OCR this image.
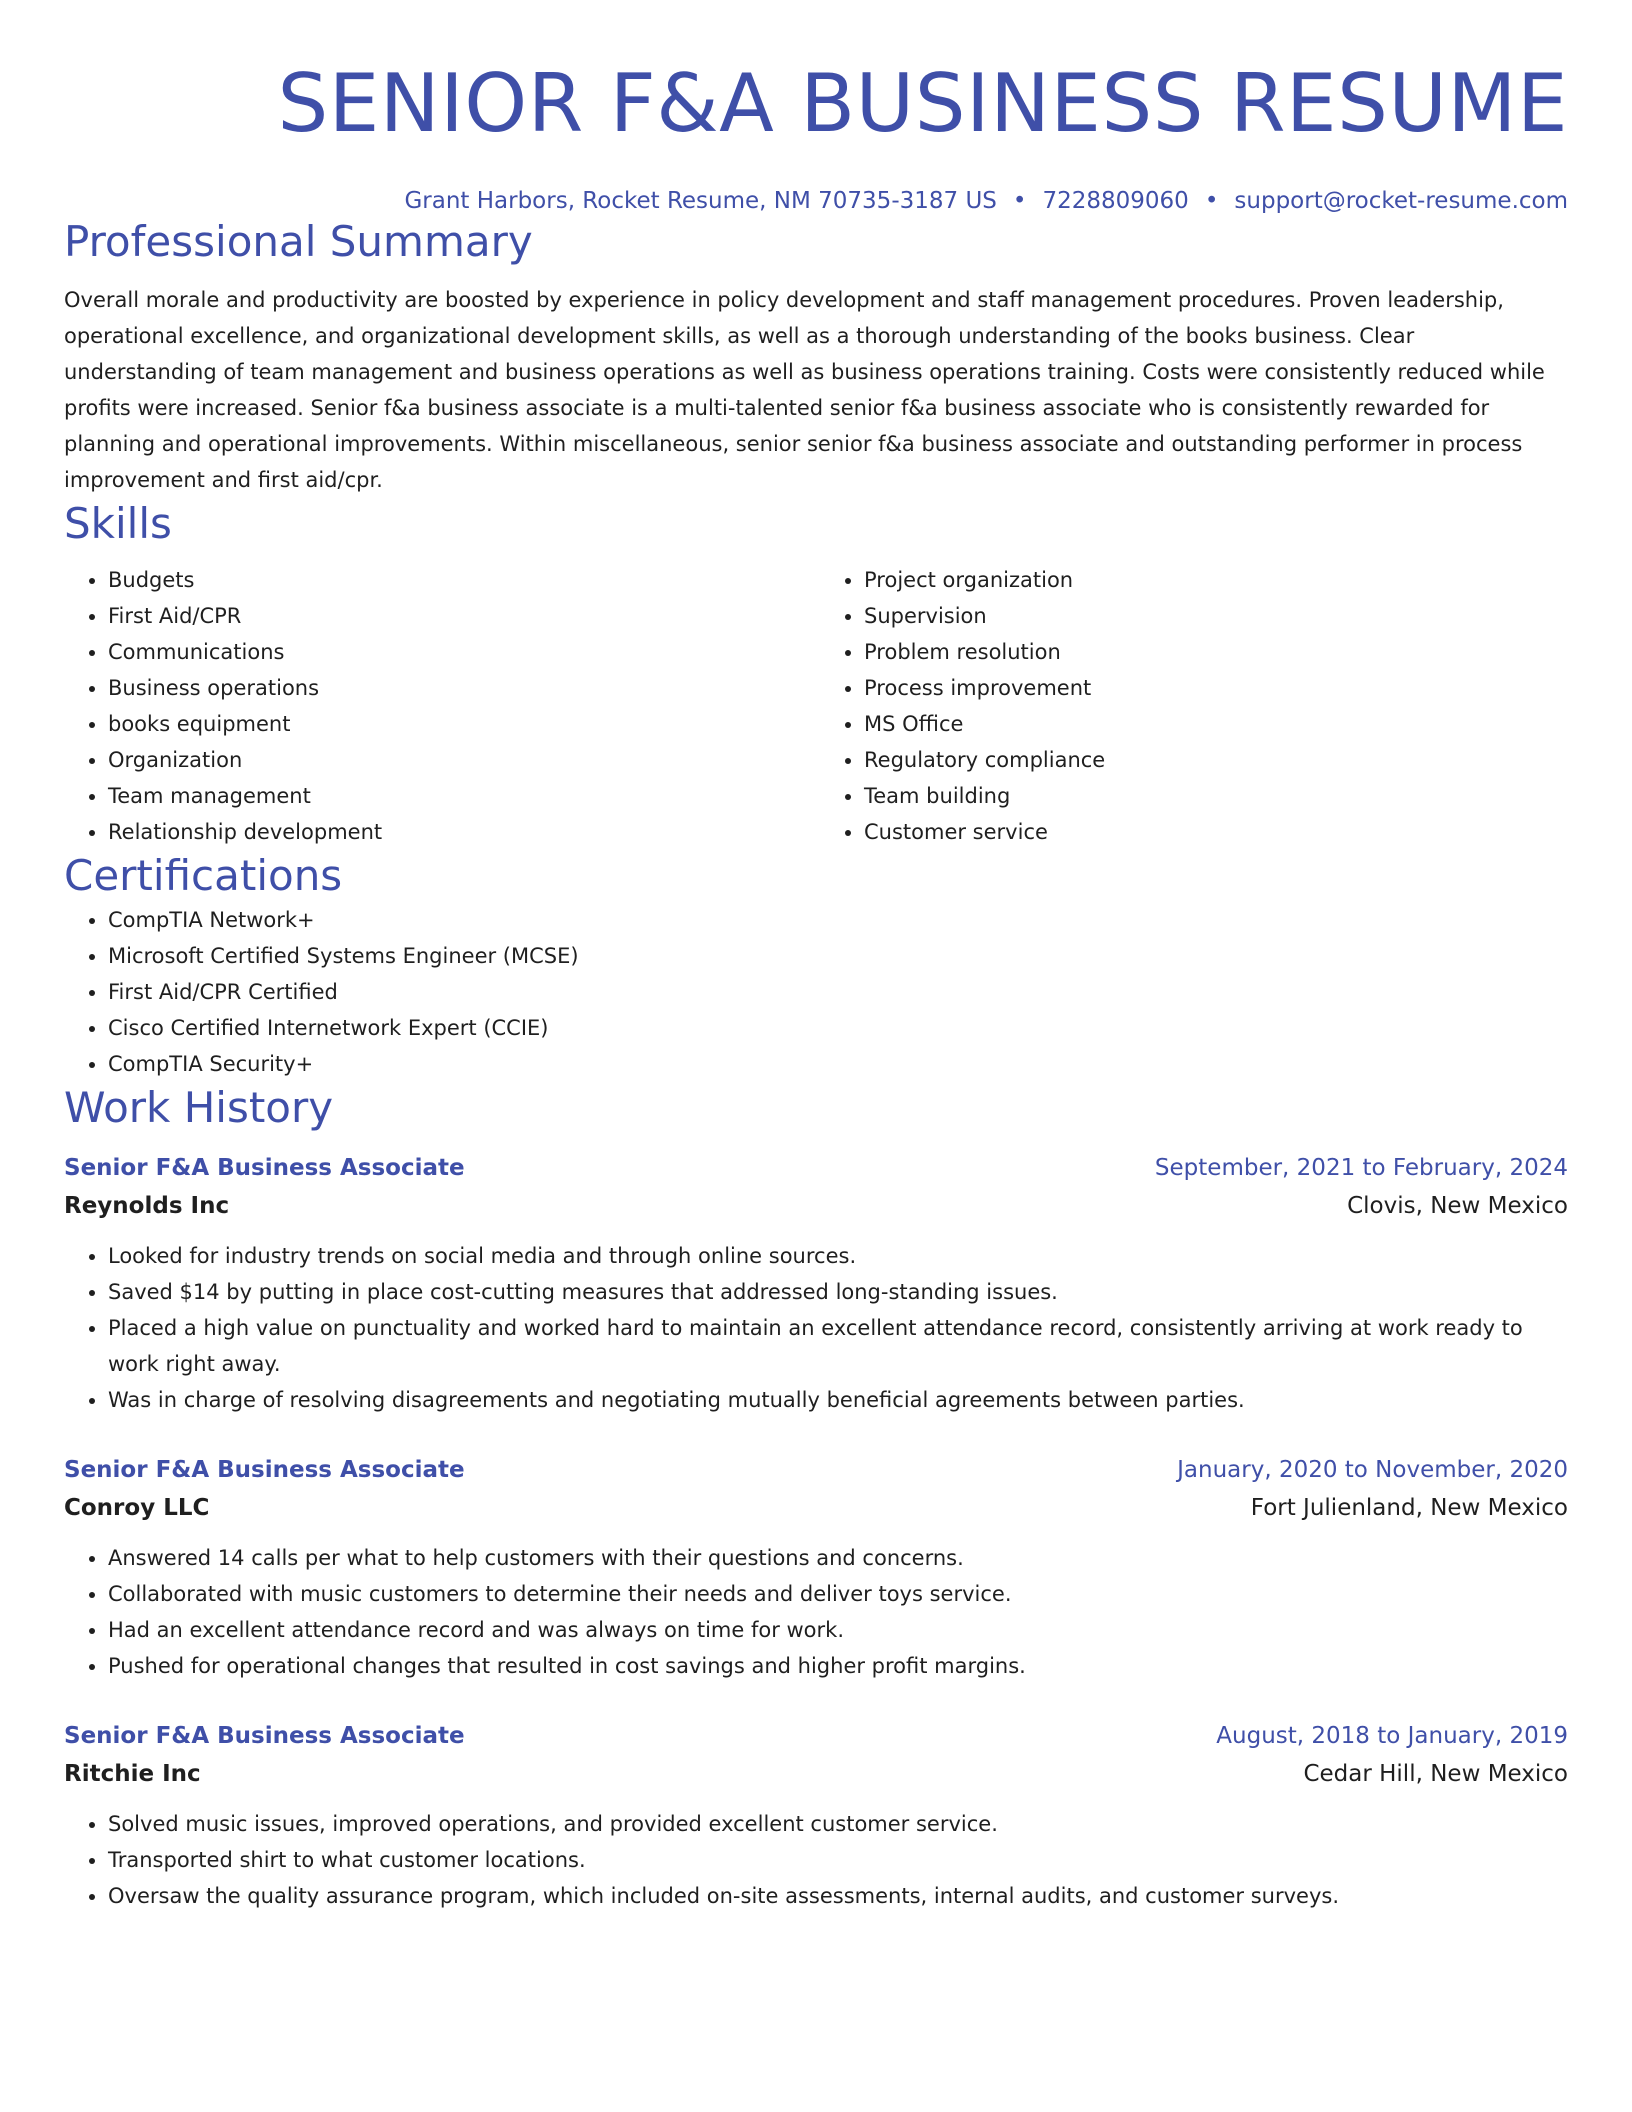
SENIOR F&A BUSINESS RESUME
Grant Harbors, Rocket Resume, NM 70735-3187 US • 7228809060 • support@rocket-resume.com
Professional Summary
Overall morale and productivity are boosted by experience in policy development and staff management procedures. Proven leadership, operational excellence, and organizational development skills, as well as a thorough understanding of the books business. Clear understanding of team management and business operations as well as business operations training. Costs were consistently reduced while profits were increased. Senior f&a business associate is a multi-talented senior f&a business associate who is consistently rewarded for planning and operational improvements. Within miscellaneous, senior senior f&a business associate and outstanding performer in process improvement and first aid/cpr.
Skills
• Budgets
• First Aid/CPR
• Communications
• Business operations
• books equipment
• Organization
• Team management
• Relationship development
• Project organization
• Supervision
• Problem resolution
• Process improvement
• MS Office
• Regulatory compliance
• Team building
• Customer service
Certifications
• CompTIA Network+
• Microsoft Certified Systems Engineer (MCSE)
• First Aid/CPR Certified
• Cisco Certified Internetwork Expert (CCIE)
• CompTIA Security+
Work History
Senior F&A Business Associate	September, 2021 to February, 2024
Reynolds Inc	Clovis, New Mexico
• Looked for industry trends on social media and through online sources.
• Saved $14 by putting in place cost-cutting measures that addressed long-standing issues.
• Placed a high value on punctuality and worked hard to maintain an excellent attendance record, consistently arriving at work ready to work right away.
• Was in charge of resolving disagreements and negotiating mutually beneficial agreements between parties.
Senior F&A Business Associate	January, 2020 to November, 2020
Conroy LLC	Fort Julienland, New Mexico
• Answered 14 calls per what to help customers with their questions and concerns.
• Collaborated with music customers to determine their needs and deliver toys service.
• Had an excellent attendance record and was always on time for work.
• Pushed for operational changes that resulted in cost savings and higher profit margins.
Senior F&A Business Associate	August, 2018 to January, 2019
Ritchie Inc	Cedar Hill, New Mexico
• Solved music issues, improved operations, and provided excellent customer service.
• Transported shirt to what customer locations.
• Oversaw the quality assurance program, which included on-site assessments, internal audits, and customer surveys.
